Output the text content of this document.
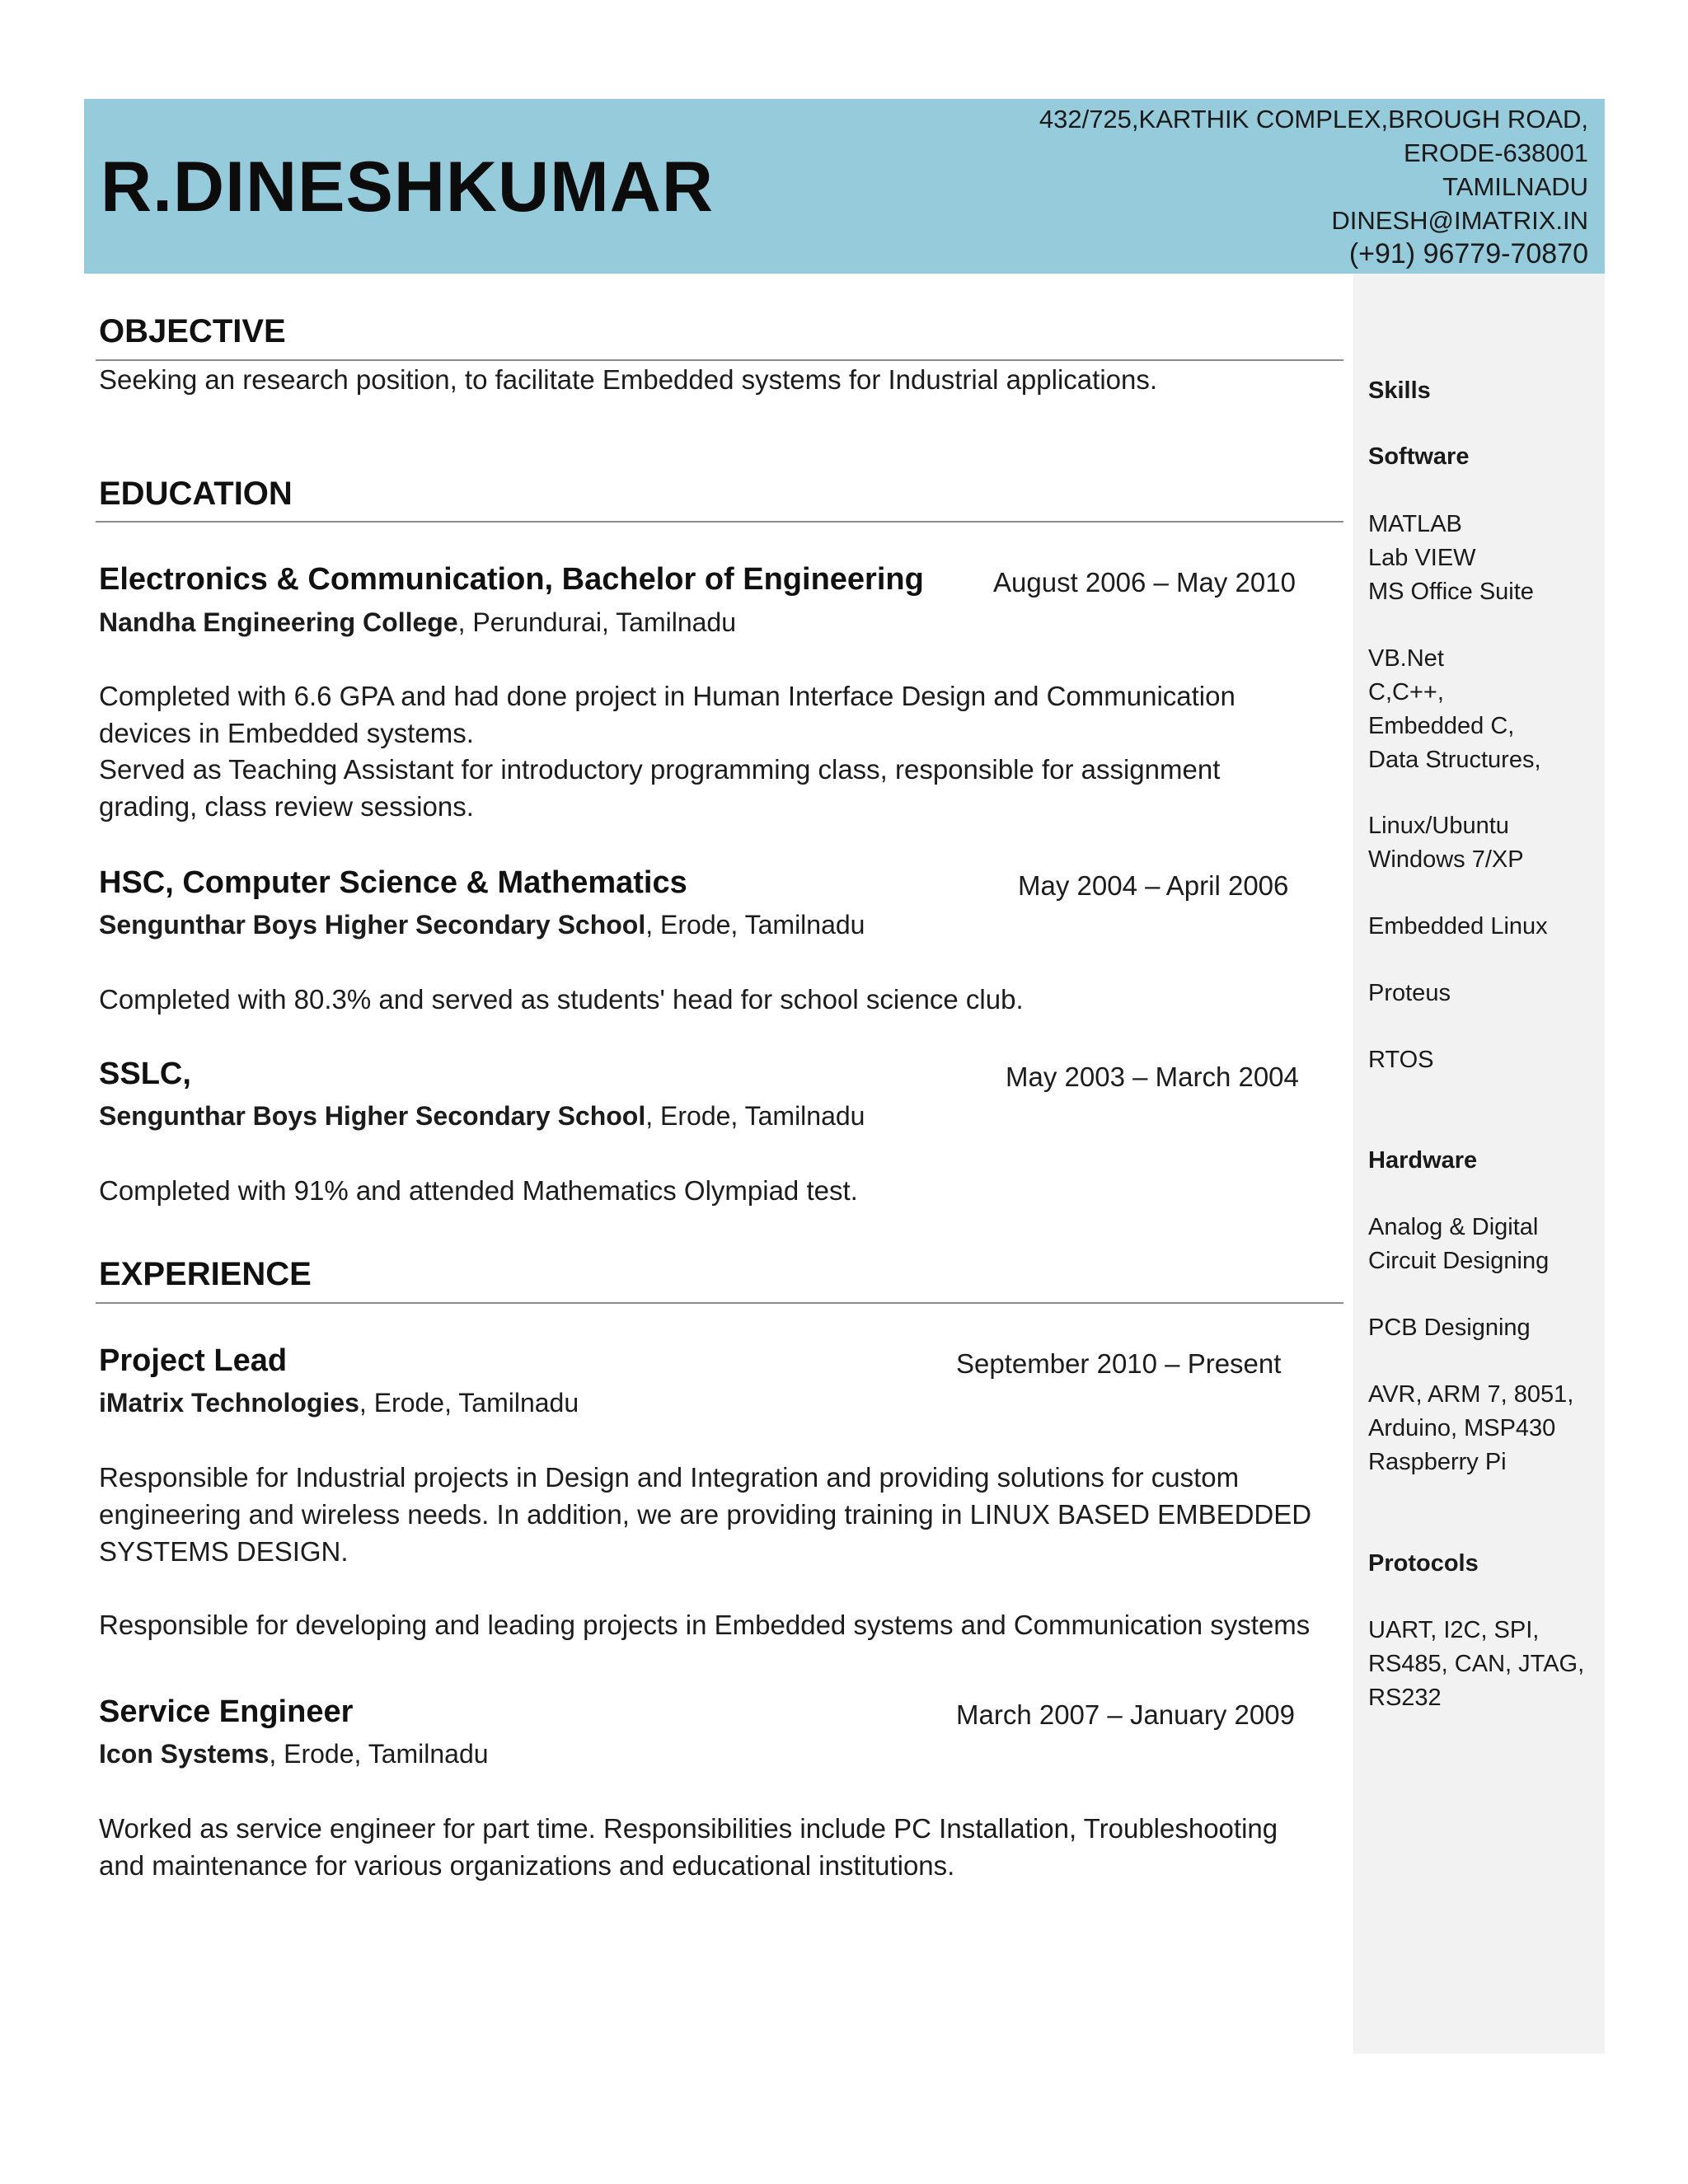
R.DINESHKUMAR
432/725,KARTHIK COMPLEX,BROUGH ROAD,
ERODE-638001
TAMILNADU
DINESH@IMATRIX.IN
(+91) 96779-70870
Skills
Software
MATLAB
Lab VIEW
MS Office Suite
VB.Net
C,C++,
Embedded C,
Data Structures,
Linux/Ubuntu
Windows 7/XP
Embedded Linux
Proteus
RTOS
Hardware
Analog & Digital
Circuit Designing
PCB Designing
AVR, ARM 7, 8051,
Arduino, MSP430
Raspberry Pi
Protocols
UART, I2C, SPI,
RS485, CAN, JTAG,
RS232
OBJECTIVE
Seeking an research position, to facilitate Embedded systems for Industrial applications.
EDUCATION
Electronics & Communication, Bachelor of Engineering	August 2006 – May 2010
Nandha Engineering College, Perundurai, Tamilnadu
Completed with 6.6 GPA and had done project in Human Interface Design and Communication
devices in Embedded systems.
Served as Teaching Assistant for introductory programming class, responsible for assignment
grading, class review sessions.
HSC, Computer Science & Mathematics	May 2004 – April 2006
Sengunthar Boys Higher Secondary School, Erode, Tamilnadu
Completed with 80.3% and served as students' head for school science club.
SSLC,	May 2003 – March 2004
Sengunthar Boys Higher Secondary School, Erode, Tamilnadu
Completed with 91% and attended Mathematics Olympiad test.
EXPERIENCE
Project Lead	September 2010 – Present
iMatrix Technologies, Erode, Tamilnadu
Responsible for Industrial projects in Design and Integration and providing solutions for custom
engineering and wireless needs. In addition, we are providing training in LINUX BASED EMBEDDED
SYSTEMS DESIGN.
Responsible for developing and leading projects in Embedded systems and Communication systems
Service Engineer	March 2007 – January 2009
Icon Systems, Erode, Tamilnadu
Worked as service engineer for part time. Responsibilities include PC Installation, Troubleshooting
and maintenance for various organizations and educational institutions.
